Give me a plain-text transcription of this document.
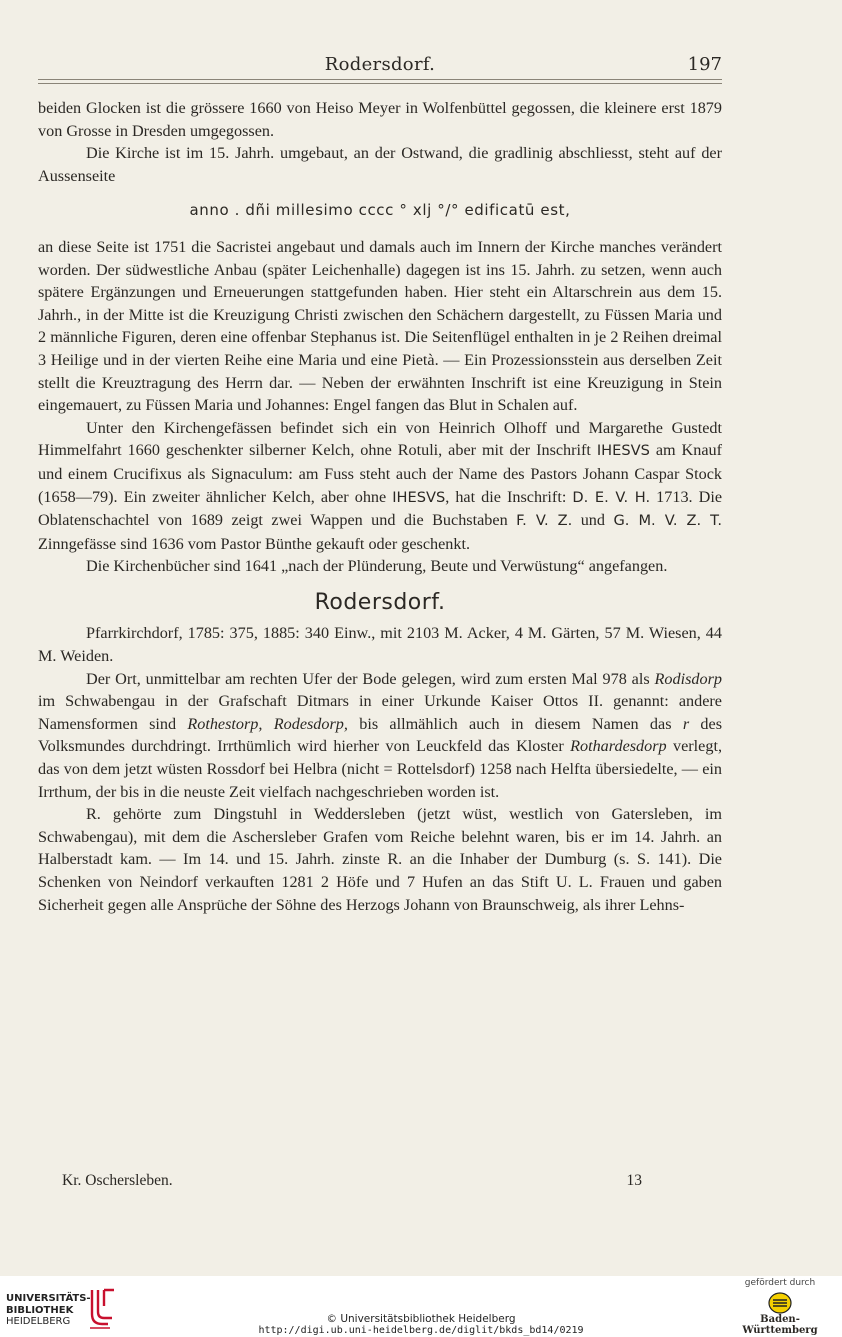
Rodersdorf.	197

beiden Glocken ist die grössere 1660 von Heiso Meyer in Wolfenbüttel gegossen, die kleinere erst 1879 von Grosse in Dresden umgegossen.

Die Kirche ist im 15. Jahrh. umgebaut, an der Ostwand, die gradlinig abschliesst, steht auf der Aussenseite

anno . dñi millesimo cccc ° xlj °/° edificatū est,

an diese Seite ist 1751 die Sacristei angebaut und damals auch im Innern der Kirche manches verändert worden. Der südwestliche Anbau (später Leichenhalle) dagegen ist ins 15. Jahrh. zu setzen, wenn auch spätere Ergänzungen und Erneuerungen stattgefunden haben. Hier steht ein Altarschrein aus dem 15. Jahrh., in der Mitte ist die Kreuzigung Christi zwischen den Schächern dargestellt, zu Füssen Maria und 2 männliche Figuren, deren eine offenbar Stephanus ist. Die Seitenflügel enthalten in je 2 Reihen dreimal 3 Heilige und in der vierten Reihe eine Maria und eine Pietà. — Ein Prozessionsstein aus derselben Zeit stellt die Kreuztragung des Herrn dar. — Neben der erwähnten Inschrift ist eine Kreuzigung in Stein eingemauert, zu Füssen Maria und Johannes: Engel fangen das Blut in Schalen auf.

Unter den Kirchengefässen befindet sich ein von Heinrich Olhoff und Margarethe Gustedt Himmelfahrt 1660 geschenkter silberner Kelch, ohne Rotuli, aber mit der Inschrift IHESVS am Knauf und einem Crucifixus als Signaculum: am Fuss steht auch der Name des Pastors Johann Caspar Stock (1658—79). Ein zweiter ähnlicher Kelch, aber ohne IHESVS, hat die Inschrift: D. E. V. H. 1713. Die Oblatenschachtel von 1689 zeigt zwei Wappen und die Buchstaben F. V. Z. und G. M. V. Z. T. Zinngefässe sind 1636 vom Pastor Bünthe gekauft oder geschenkt.

Die Kirchenbücher sind 1641 „nach der Plünderung, Beute und Verwüstung“ angefangen.

Rodersdorf.

Pfarrkirchdorf, 1785: 375, 1885: 340 Einw., mit 2103 M. Acker, 4 M. Gärten, 57 M. Wiesen, 44 M. Weiden.

Der Ort, unmittelbar am rechten Ufer der Bode gelegen, wird zum ersten Mal 978 als Rodisdorp im Schwabengau in der Grafschaft Ditmars in einer Urkunde Kaiser Ottos II. genannt: andere Namensformen sind Rothestorp, Rodesdorp, bis allmählich auch in diesem Namen das r des Volksmundes durchdringt. Irrthümlich wird hierher von Leuckfeld das Kloster Rothardesdorp verlegt, das von dem jetzt wüsten Rossdorf bei Helbra (nicht = Rottelsdorf) 1258 nach Helfta übersiedelte, — ein Irrthum, der bis in die neuste Zeit vielfach nachgeschrieben worden ist.

R. gehörte zum Dingstuhl in Weddersleben (jetzt wüst, westlich von Gatersleben, im Schwabengau), mit dem die Aschersleber Grafen vom Reiche belehnt waren, bis er im 14. Jahrh. an Halberstadt kam. — Im 14. und 15. Jahrh. zinste R. an die Inhaber der Dumburg (s. S. 141). Die Schenken von Neindorf verkauften 1281 2 Höfe und 7 Hufen an das Stift U. L. Frauen und gaben Sicherheit gegen alle Ansprüche der Söhne des Herzogs Johann von Braunschweig, als ihrer Lehns-

Kr. Oschersleben.	13
UNIVERSITÄTS-
BIBLIOTHEK
HEIDELBERG	© Universitätsbibliothek Heidelberg
http://digi.ub.uni-heidelberg.de/diglit/bkds_bd14/0219
gefördert durch
Baden-Württemberg
